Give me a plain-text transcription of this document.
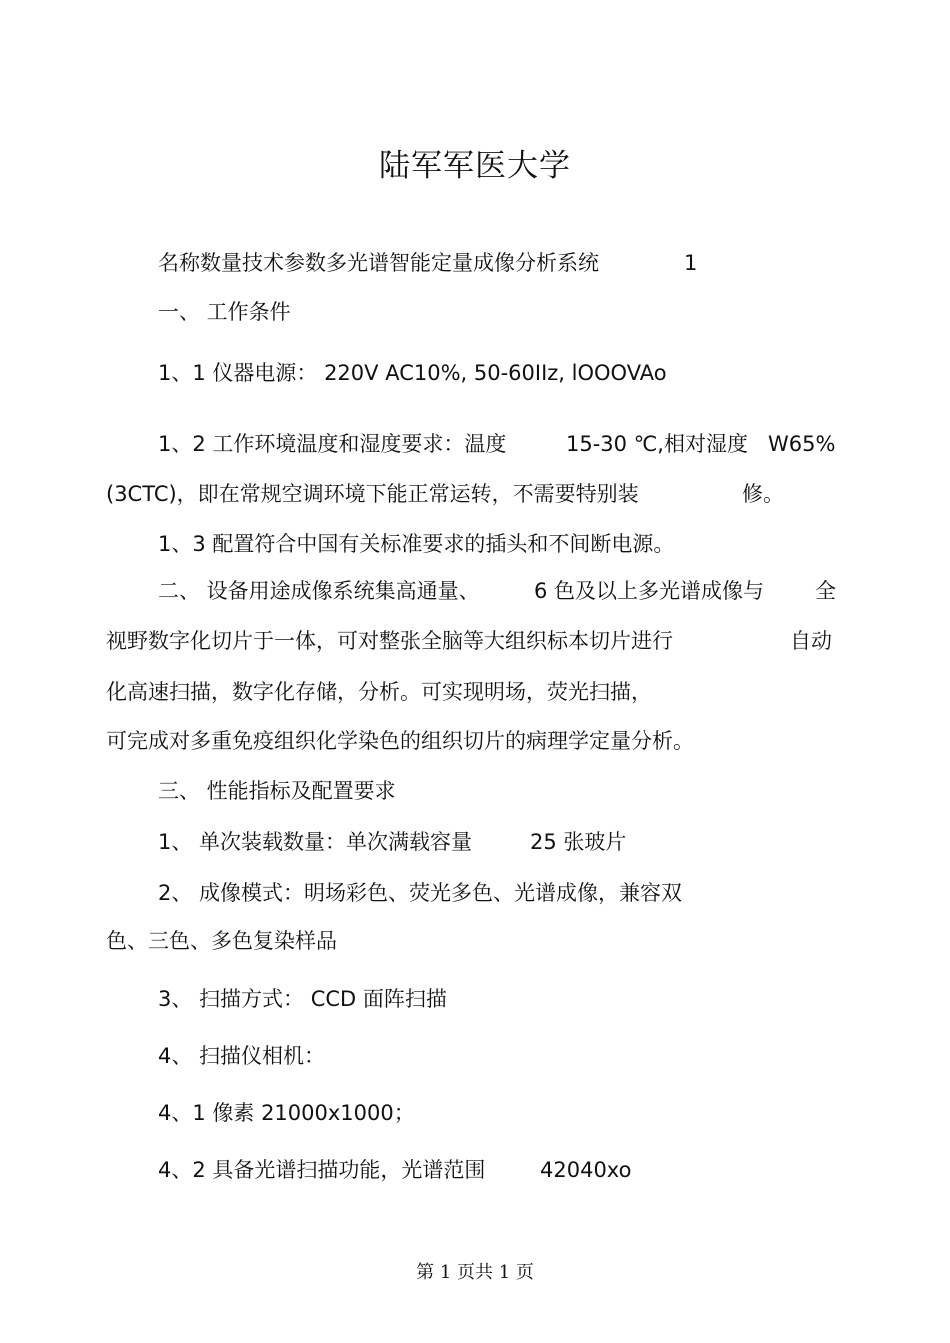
陆军军医大学
名称数量技术参数多光谱智能定量成像分析系统	1
一、 工作条件
1、1 仪器电源： 220V AC10%, 50-60IIz, lOOOVAo
1、2 工作环境温度和湿度要求：温度	15-30 ℃,相对湿度 W65%
(3CTC)，即在常规空调环境下能正常运转，不需要特别装	修。
1、3 配置符合中国有关标准要求的插头和不间断电源。
二、 设备用途成像系统集高通量、	6 色及以上多光谱成像与 全
视野数字化切片于一体，可对整张全脑等大组织标本切片进行	自动
化高速扫描，数字化存储，分析。可实现明场，荧光扫描，
可完成对多重免疫组织化学染色的组织切片的病理学定量分析。
三、 性能指标及配置要求
1、 单次装载数量：单次满载容量	25 张玻片
2、 成像模式：明场彩色、荧光多色、光谱成像，兼容双
色、三色、多色复染样品
3、 扫描方式： CCD 面阵扫描
4、 扫描仪相机：
4、1 像素 21000x1000；
4、2 具备光谱扫描功能，光谱范围	42040xo
第 1 页共 1 页
